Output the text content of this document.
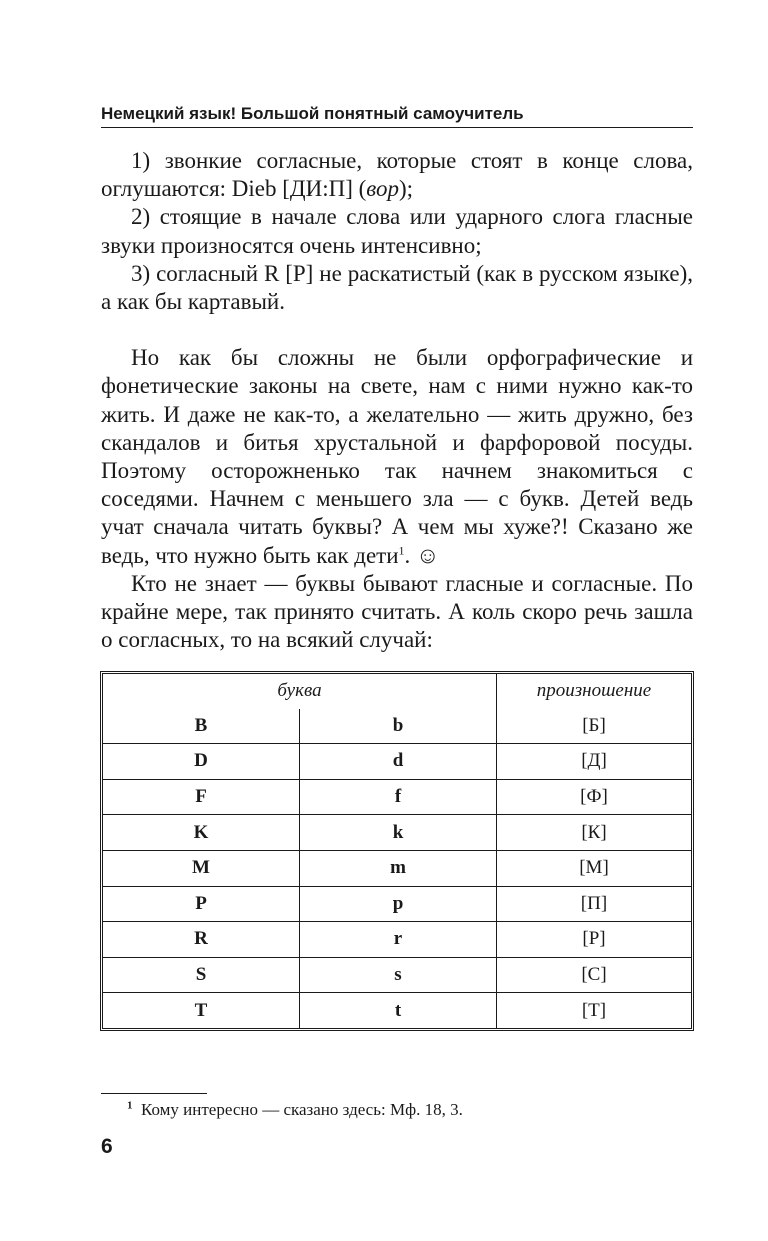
Немецкий язык! Большой понятный самоучитель

1) звонкие согласные, которые стоят в конце слова, оглушаются: Dieb [ДИ:П] (вор);

2) стоящие в начале слова или ударного слога гласные звуки произносятся очень интенсивно;

3) согласный R [Р] не раскатистый (как в русском языке), а как бы картавый.

Но как бы сложны не были орфографические и фонетические законы на свете, нам с ними нужно как-то жить. И даже не как-то, а желательно — жить дружно, без скандалов и битья хрустальной и фарфоровой посуды. Поэтому осторожненько так начнем знакомиться с соседями. Начнем с меньшего зла — с букв. Детей ведь учат сначала читать буквы? А чем мы хуже?! Сказано же ведь, что нужно быть как дети$^1$. ☺

Кто не знает — буквы бывают гласные и согласные. По крайне мере, так принято считать. А коль скоро речь зашла о согласных, то на всякий случай:

буква		произношение
B	b	[Б]
D	d	[Д]
F	f	[Ф]
K	k	[К]
M	m	[М]
P	p	[П]
R	r	[Р]
S	s	[С]
T	t	[Т]
$^1$ Кому интересно — сказано здесь: Мф. 18, 3.
6
